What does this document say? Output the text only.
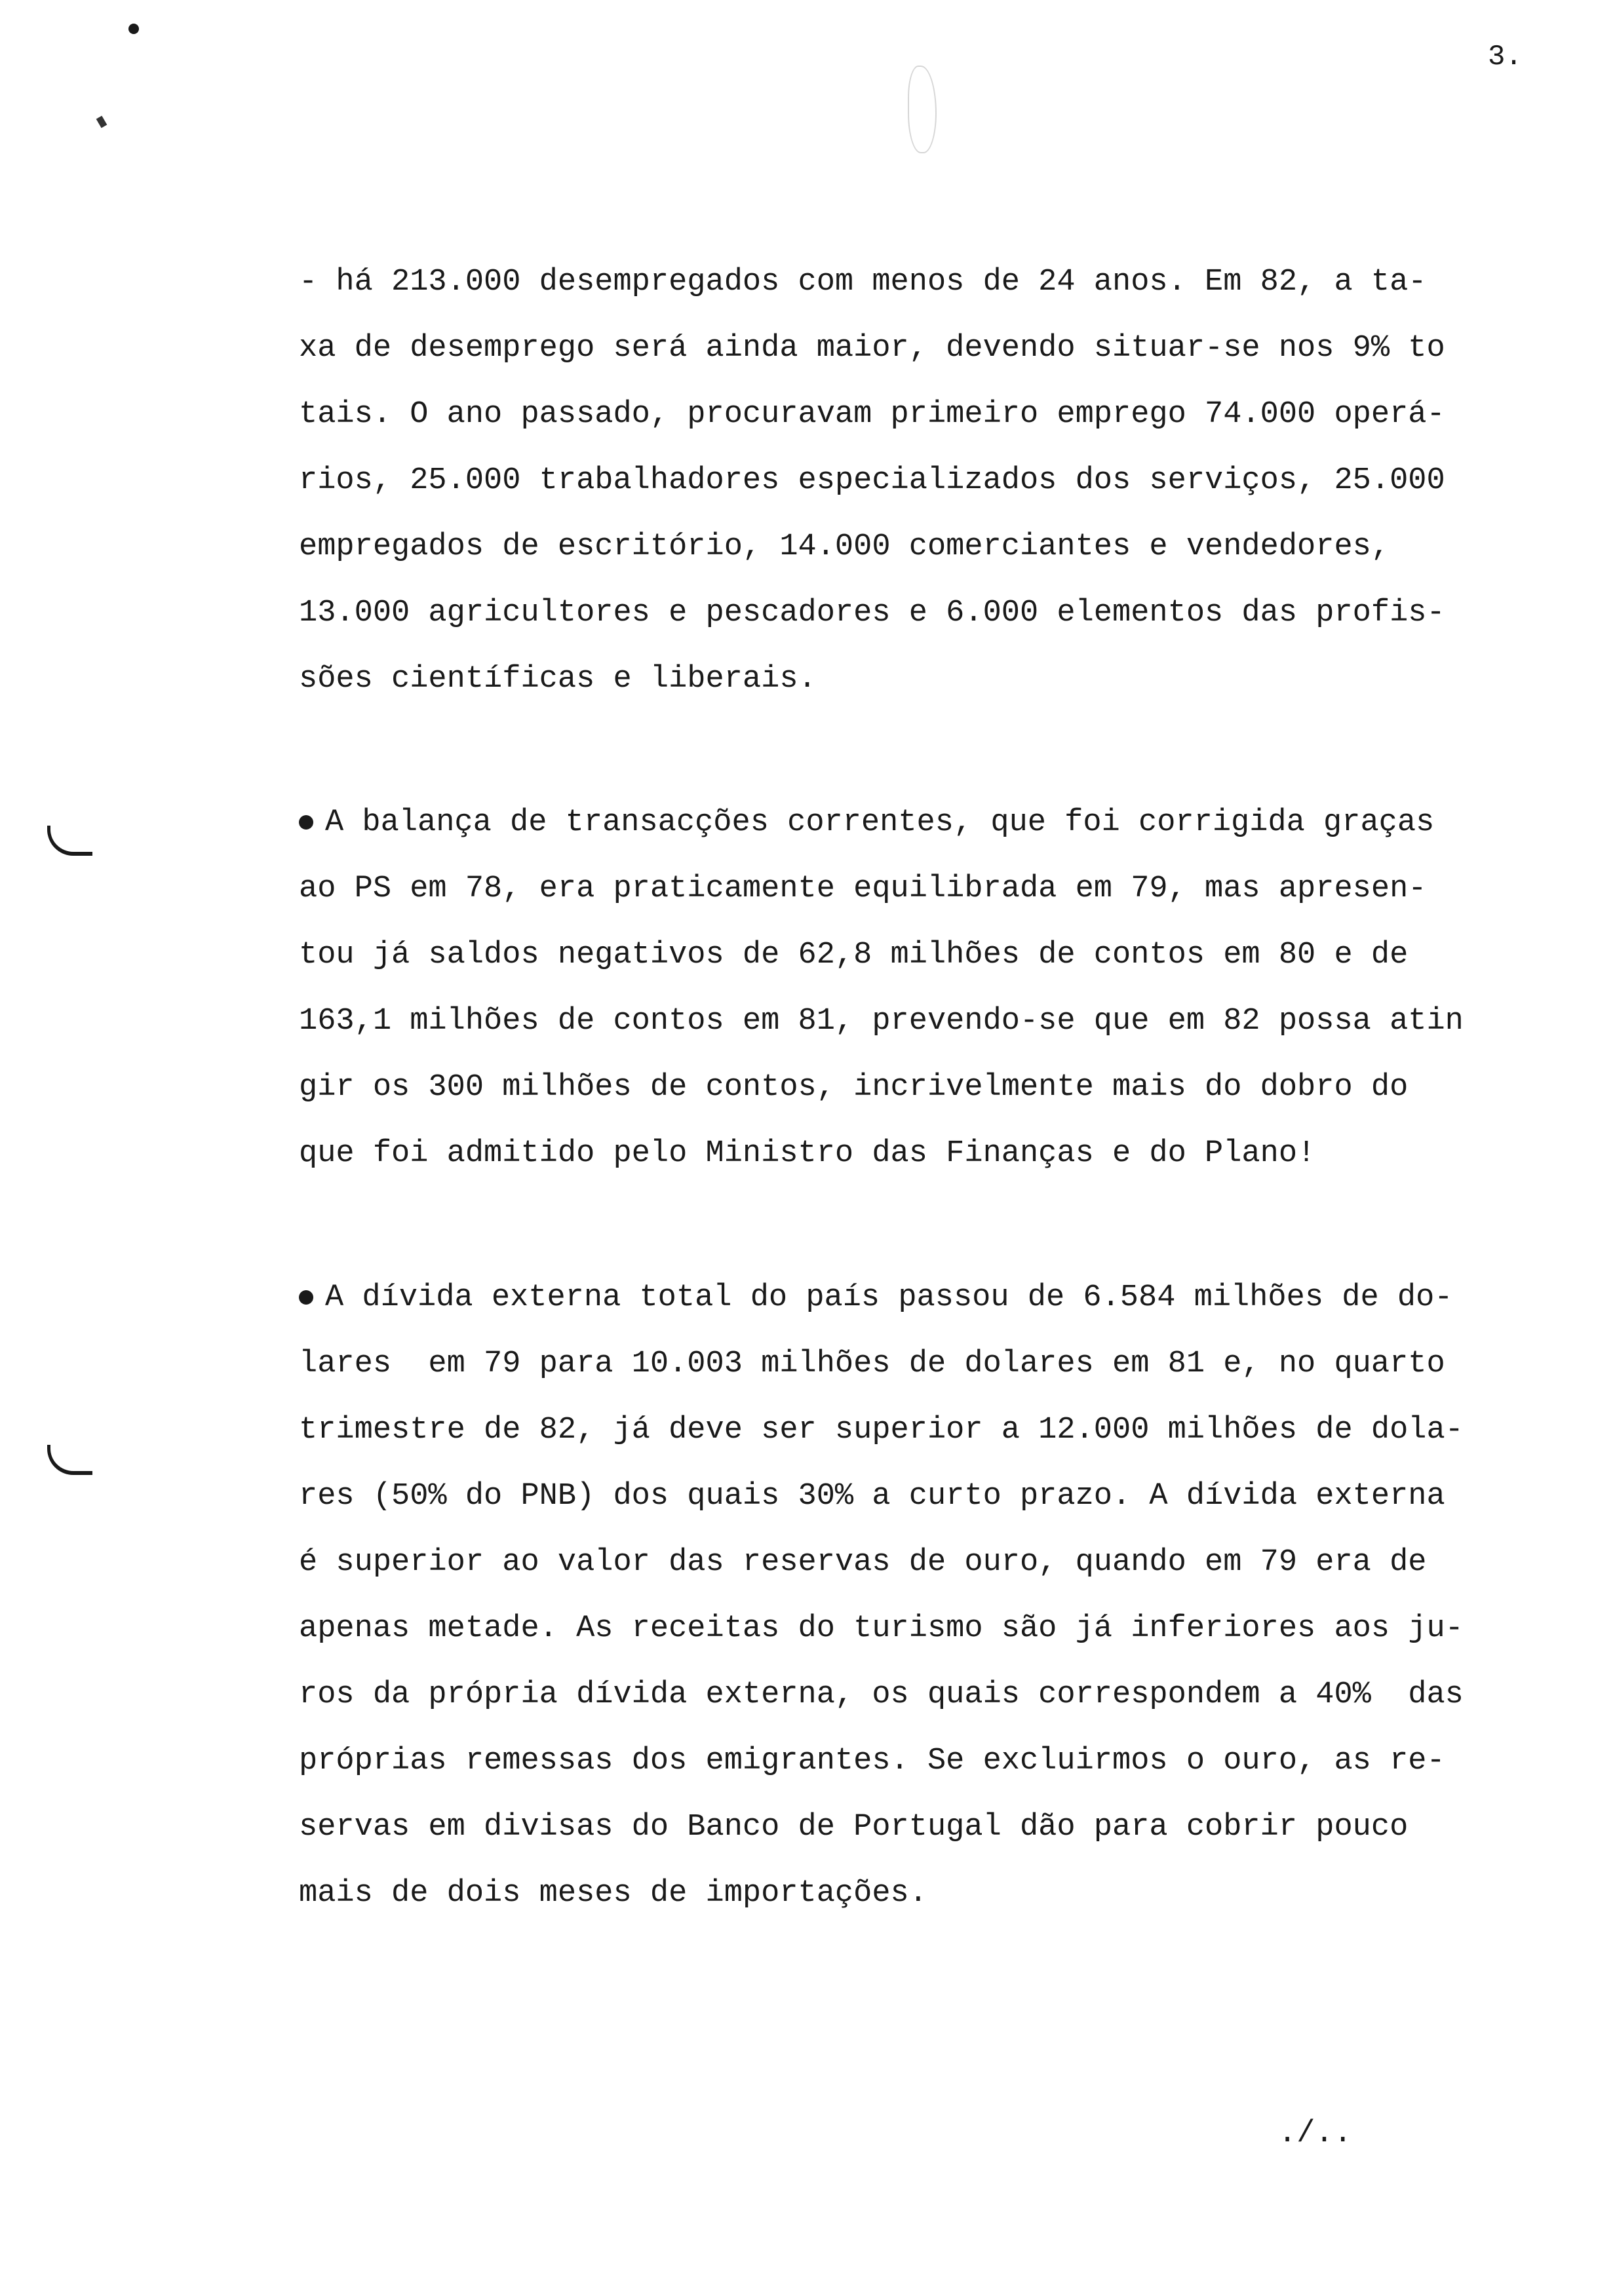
3.
- há 213.000 desempregados com menos de 24 anos. Em 82, a ta-
xa de desemprego será ainda maior, devendo situar-se nos 9% to
tais. O ano passado, procuravam primeiro emprego 74.000 operá-
rios, 25.000 trabalhadores especializados dos serviços, 25.000
empregados de escritório, 14.000 comerciantes e vendedores,
13.000 agricultores e pescadores e 6.000 elementos das profis-
sões científicas e liberais.
A balança de transacções correntes, que foi corrigida graças
ao PS em 78, era praticamente equilibrada em 79, mas apresen-
tou já saldos negativos de 62,8 milhões de contos em 80 e de
163,1 milhões de contos em 81, prevendo-se que em 82 possa atin
gir os 300 milhões de contos, incrivelmente mais do dobro do
que foi admitido pelo Ministro das Finanças e do Plano!
A dívida externa total do país passou de 6.584 milhões de do-
lares  em 79 para 10.003 milhões de dolares em 81 e, no quarto
trimestre de 82, já deve ser superior a 12.000 milhões de dola-
res (50% do PNB) dos quais 30% a curto prazo. A dívida externa
é superior ao valor das reservas de ouro, quando em 79 era de
apenas metade. As receitas do turismo são já inferiores aos ju-
ros da própria dívida externa, os quais correspondem a 40%  das
próprias remessas dos emigrantes. Se excluirmos o ouro, as re-
servas em divisas do Banco de Portugal dão para cobrir pouco
mais de dois meses de importações.
./..
